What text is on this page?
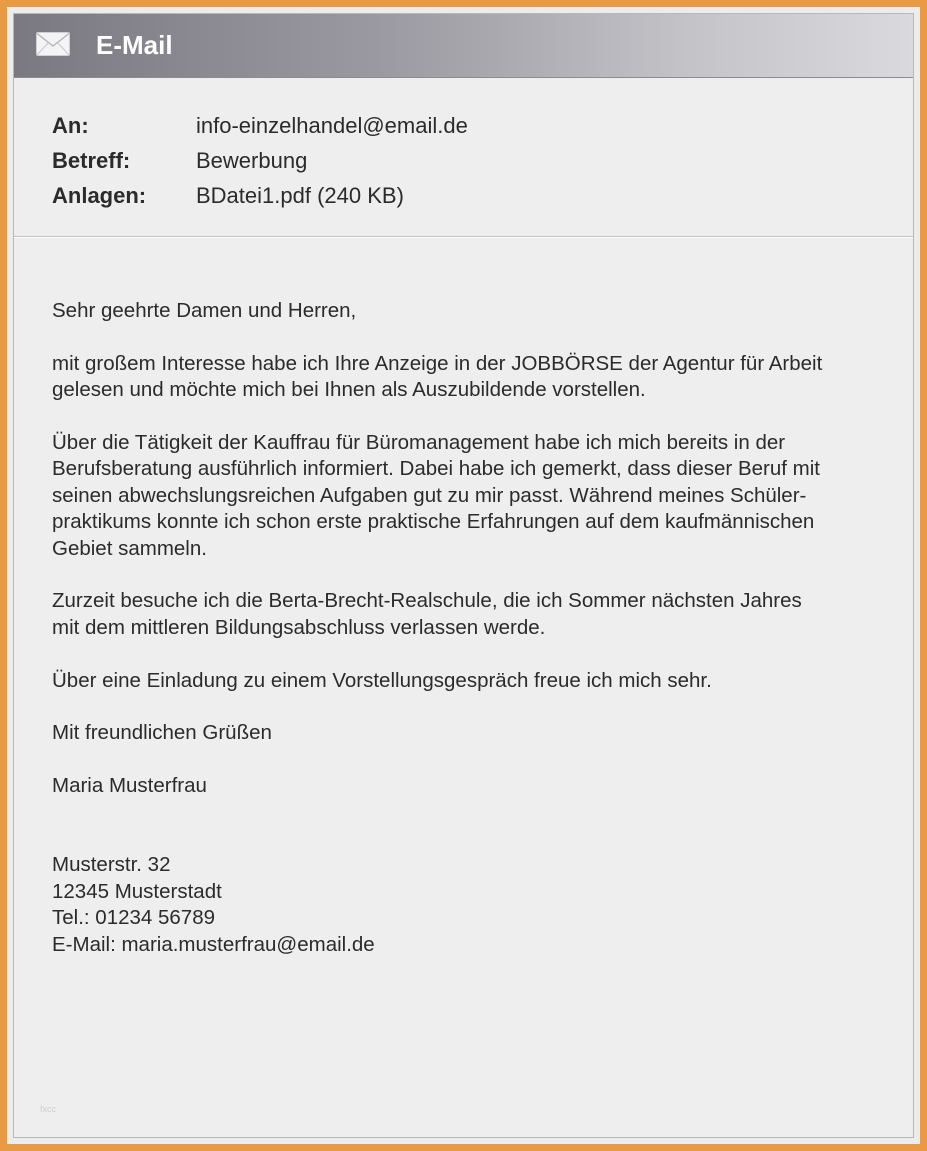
E-Mail
An:	info-einzelhandel@email.de
Betreff:	Bewerbung
Anlagen: BDatei1.pdf (240 KB)

Sehr geehrte Damen und Herren,

mit großem Interesse habe ich Ihre Anzeige in der JOBBÖRSE der Agentur für Arbeit
gelesen und möchte mich bei Ihnen als Auszubildende vorstellen.

Über die Tätigkeit der Kauffrau für Büromanagement habe ich mich bereits in der
Berufsberatung ausführlich informiert. Dabei habe ich gemerkt, dass dieser Beruf mit
seinen abwechslungsreichen Aufgaben gut zu mir passt. Während meines Schüler-
praktikums konnte ich schon erste praktische Erfahrungen auf dem kaufmännischen
Gebiet sammeln.

Zurzeit besuche ich die Berta-Brecht-Realschule, die ich Sommer nächsten Jahres
mit dem mittleren Bildungsabschluss verlassen werde.

Über eine Einladung zu einem Vorstellungsgespräch freue ich mich sehr.

Mit freundlichen Grüßen

Maria Musterfrau

Musterstr. 32
12345 Musterstadt
Tel.: 01234 56789
E-Mail: maria.musterfrau@email.de
fxcc
